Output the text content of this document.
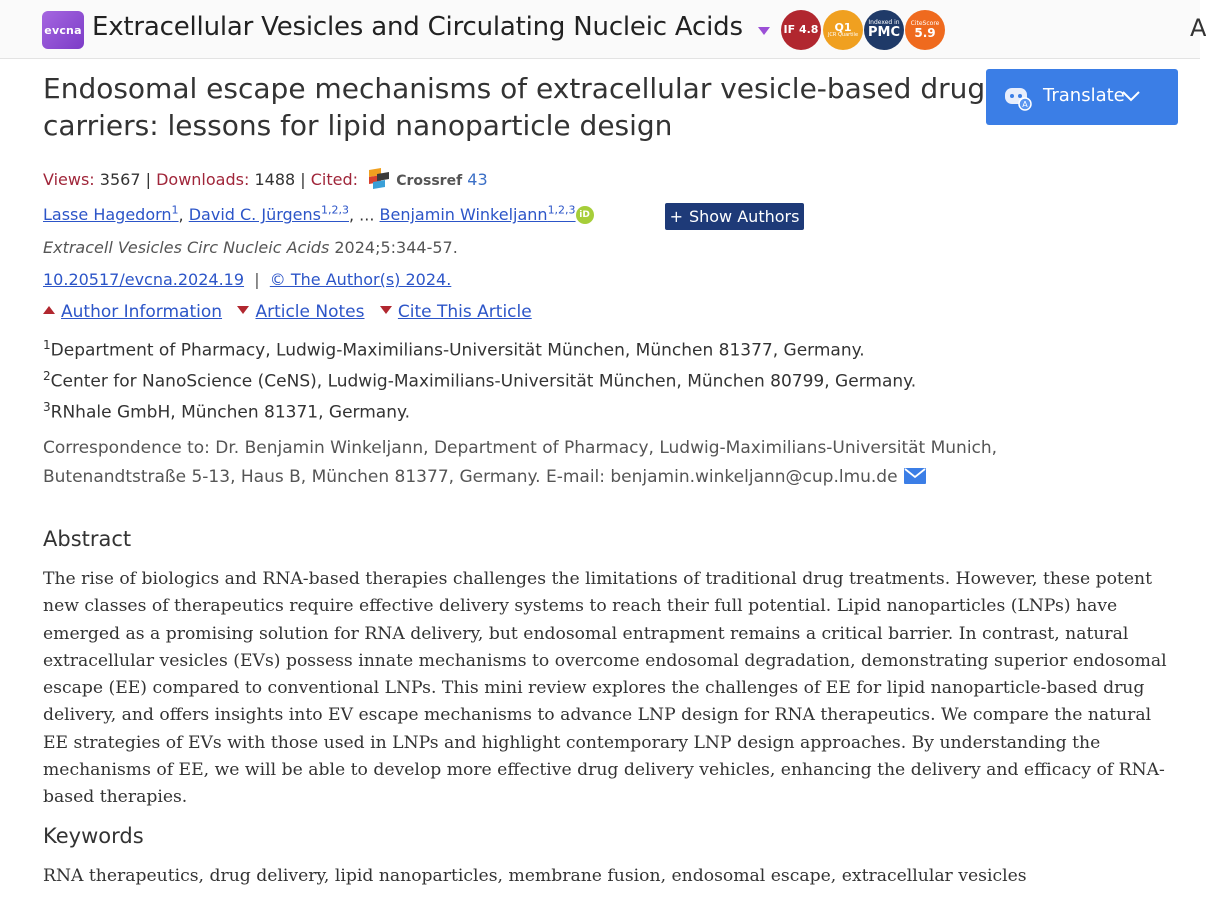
evcna Extracellular Vesicles and Circulating Nucleic Acids	IF 4.8 Q1
JCR Quartile
Indexed in
PMC
CiteScore
5.9	A
Endosomal escape mechanisms of extracellular vesicle-based drug carriers: lessons for lipid nanoparticle design
A Translate
Views: 3567 | Downloads: 1488 | Cited:	Crossref 43
Lasse Hagedorn$^1$, David C. Jürgens$^{1,2,3}$, ... Benjamin Winkeljann$^{1,2,3}$ iD	+ Show Authors
Extracell Vesicles Circ Nucleic Acids 2024;5:344-57.
10.20517/evcna.2024.19  |  © The Author(s) 2024.
Author Information Article Notes Cite This Article
$^1$Department of Pharmacy, Ludwig-Maximilians-Universität München, München 81377, Germany.
$^2$Center for NanoScience (CeNS), Ludwig-Maximilians-Universität München, München 80799, Germany.
$^3$RNhale GmbH, München 81371, Germany.
Correspondence to: Dr. Benjamin Winkeljann, Department of Pharmacy, Ludwig-Maximilians-Universität Munich,
Butenandtstraße 5-13, Haus B, München 81377, Germany. E-mail: benjamin.winkeljann@cup.lmu.de
Abstract

The rise of biologics and RNA-based therapies challenges the limitations of traditional drug treatments. However, these potent new classes of therapeutics require effective delivery systems to reach their full potential. Lipid nanoparticles (LNPs) have emerged as a promising solution for RNA delivery, but endosomal entrapment remains a critical barrier. In contrast, natural extracellular vesicles (EVs) possess innate mechanisms to overcome endosomal degradation, demonstrating superior endosomal escape (EE) compared to conventional LNPs. This mini review explores the challenges of EE for lipid nanoparticle-based drug delivery, and offers insights into EV escape mechanisms to advance LNP design for RNA therapeutics. We compare the natural EE strategies of EVs with those used in LNPs and highlight contemporary LNP design approaches. By understanding the mechanisms of EE, we will be able to develop more effective drug delivery vehicles, enhancing the delivery and efficacy of RNA-based therapies.

Keywords
RNA therapeutics, drug delivery, lipid nanoparticles, membrane fusion, endosomal escape, extracellular vesicles
